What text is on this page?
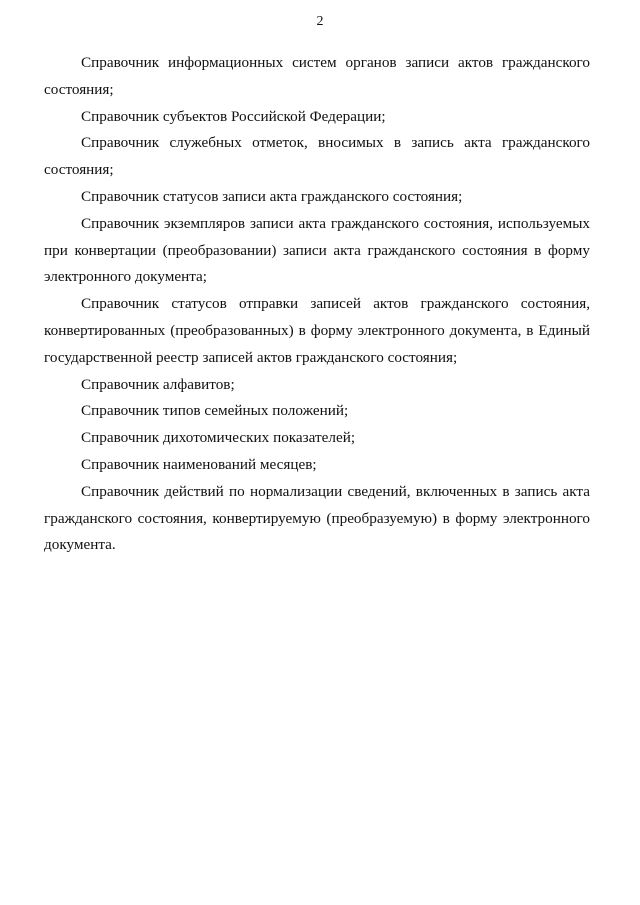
2

Справочник информационных систем органов записи актов гражданского состояния;

Справочник субъектов Российской Федерации;

Справочник служебных отметок, вносимых в запись акта гражданского состояния;

Справочник статусов записи акта гражданского состояния;

Справочник экземпляров записи акта гражданского состояния, используемых при конвертации (преобразовании) записи акта гражданского состояния в форму электронного документа;

Справочник статусов отправки записей актов гражданского состояния, конвертированных (преобразованных) в форму электронного документа, в Единый государственной реестр записей актов гражданского состояния;

Справочник алфавитов;

Справочник типов семейных положений;

Справочник дихотомических показателей;

Справочник наименований месяцев;

Справочник действий по нормализации сведений, включенных в запись акта гражданского состояния, конвертируемую (преобразуемую) в форму электронного документа.
